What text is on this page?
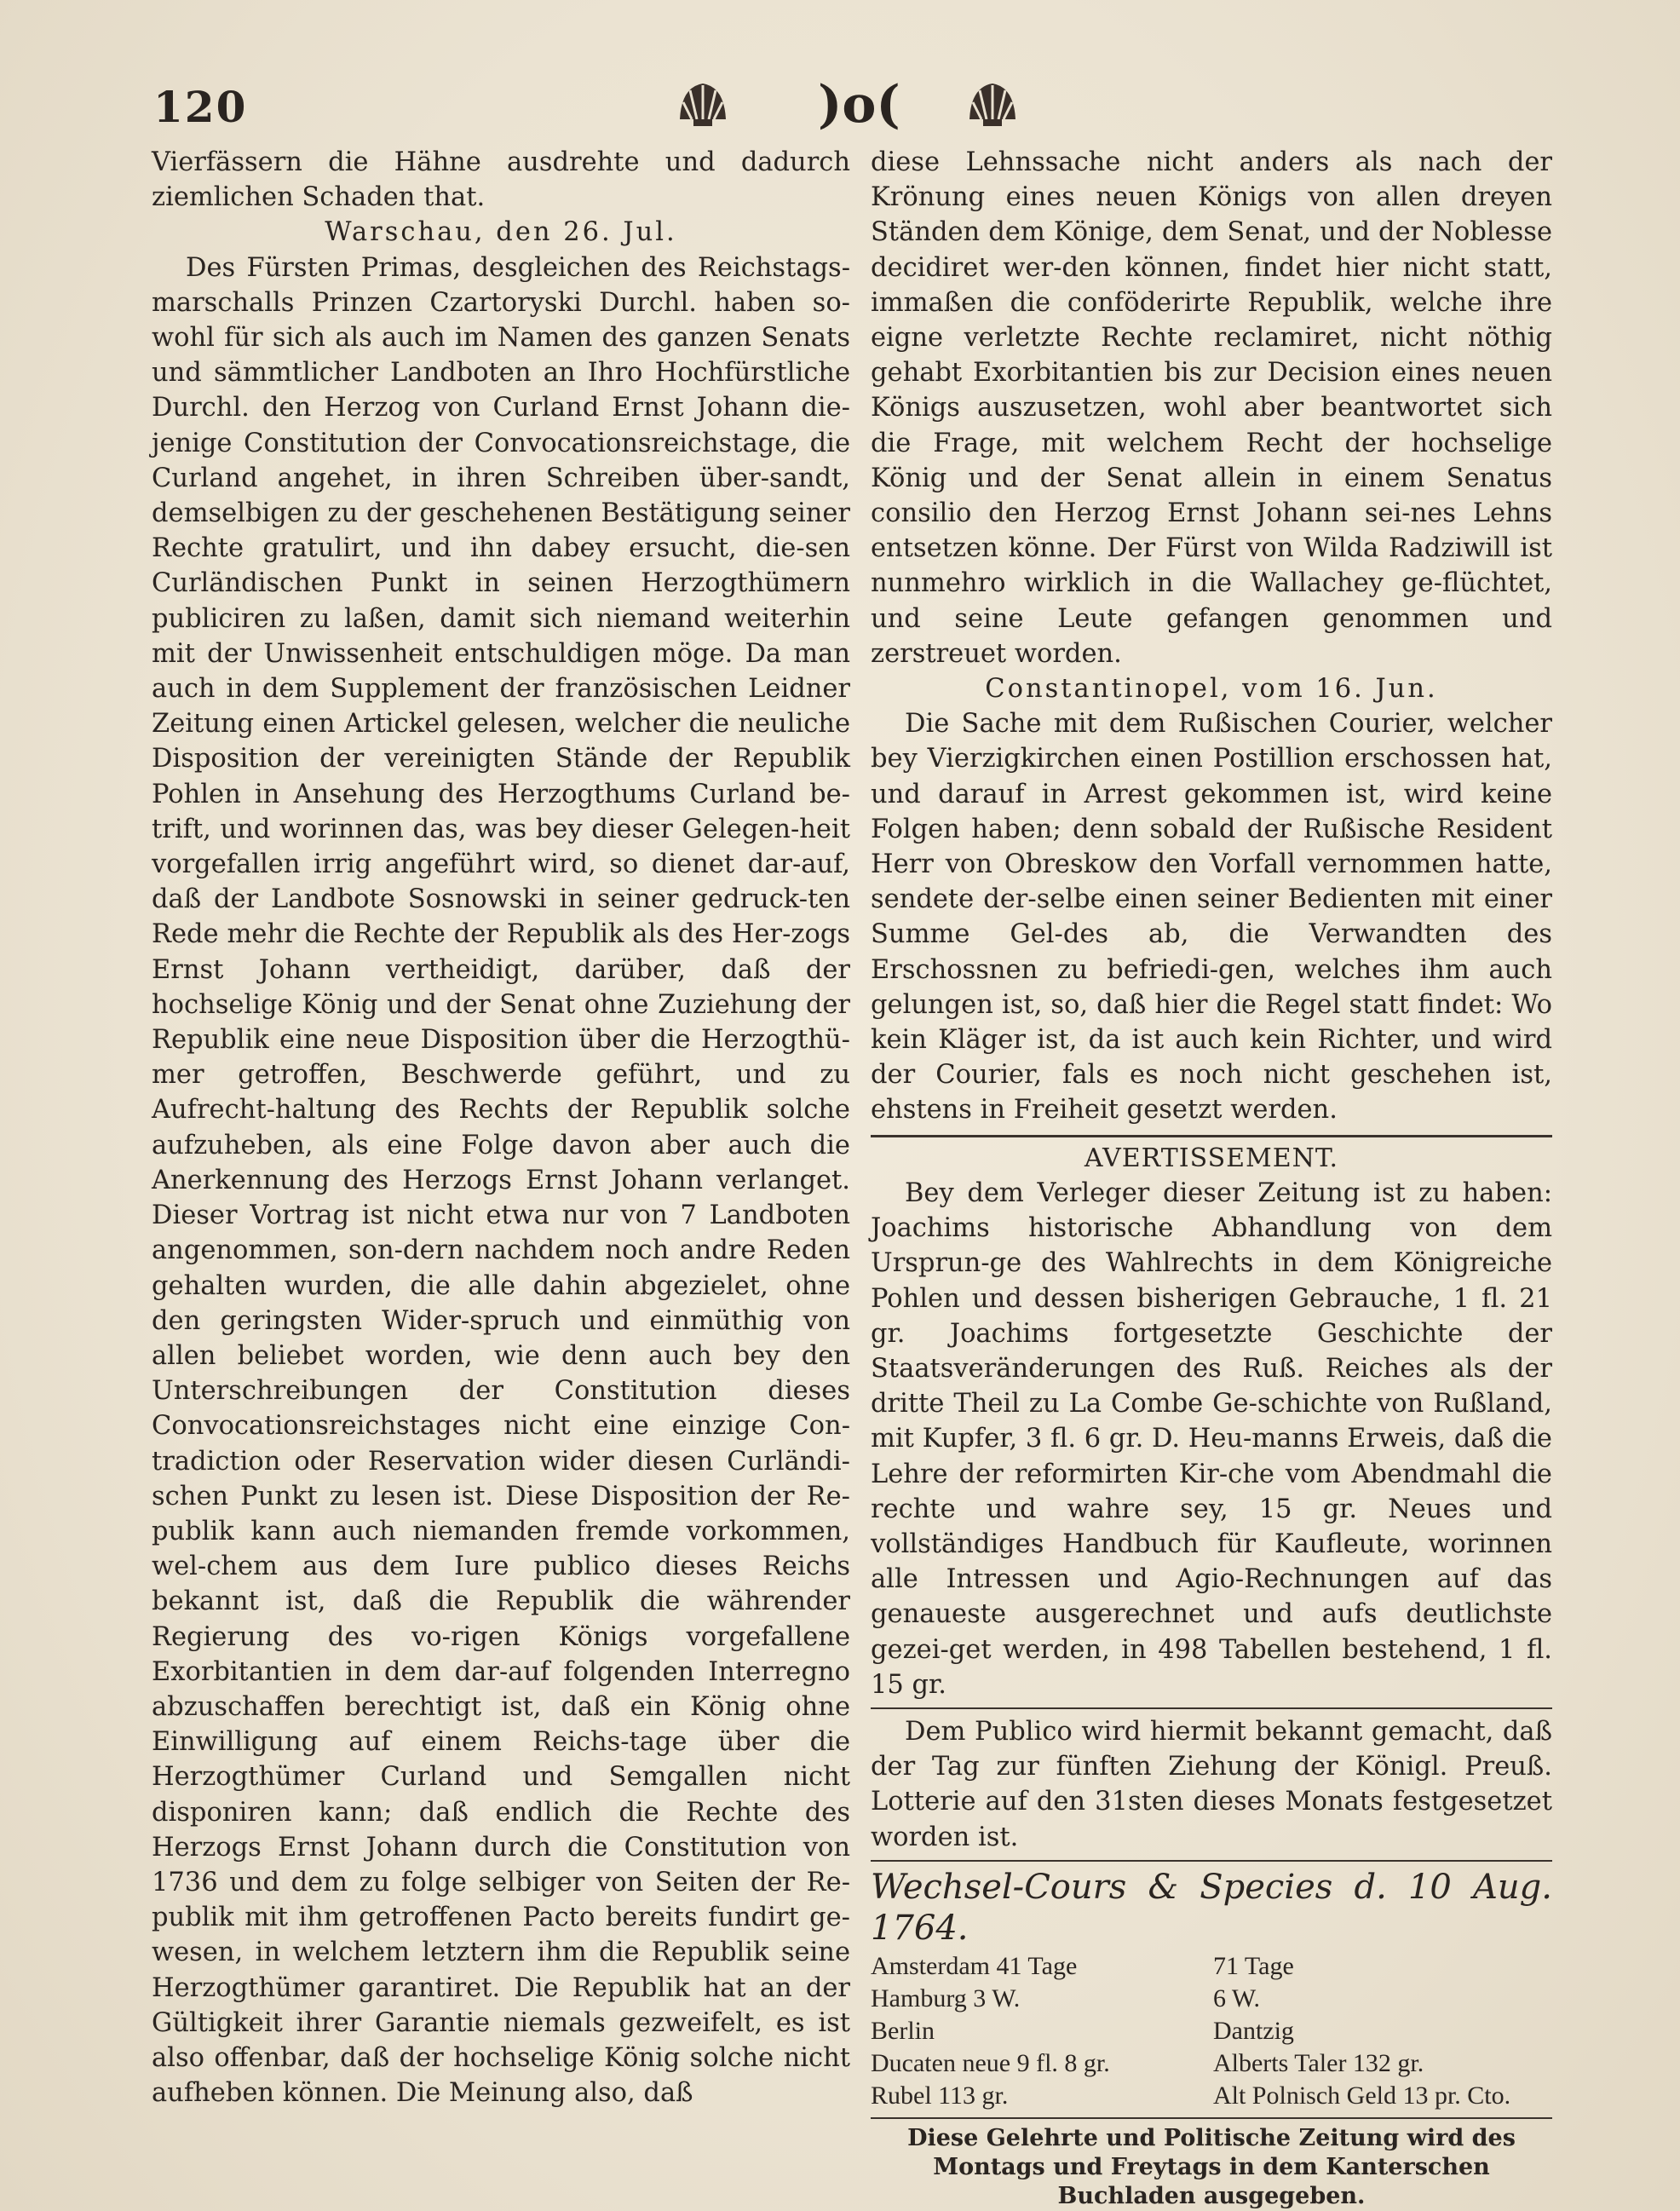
120	)o(

Vierfässern die Hähne ausdrehte und dadurch ziemlichen Schaden that.

Warschau, den 26. Jul.

Des Fürsten Primas, desgleichen des Reichstags-marschalls Prinzen Czartoryski Durchl. haben so-wohl für sich als auch im Namen des ganzen Senats und sämmtlicher Landboten an Ihro Hochfürstliche Durchl. den Herzog von Curland Ernst Johann die-jenige Constitution der Convocationsreichstage, die Curland angehet, in ihren Schreiben über-sandt, demselbigen zu der geschehenen Bestätigung seiner Rechte gratulirt, und ihn dabey ersucht, die-sen Curländischen Punkt in seinen Herzogthümern publiciren zu laßen, damit sich niemand weiterhin mit der Unwissenheit entschuldigen möge. Da man auch in dem Supplement der französischen Leidner Zeitung einen Artickel gelesen, welcher die neuliche Disposition der vereinigten Stände der Republik Pohlen in Ansehung des Herzogthums Curland be-trift, und worinnen das, was bey dieser Gelegen-heit vorgefallen irrig angeführt wird, so dienet dar-auf, daß der Landbote Sosnowski in seiner gedruck-ten Rede mehr die Rechte der Republik als des Her-zogs Ernst Johann vertheidigt, darüber, daß der hochselige König und der Senat ohne Zuziehung der Republik eine neue Disposition über die Herzogthü-mer getroffen, Beschwerde geführt, und zu Aufrecht-haltung des Rechts der Republik solche aufzuheben, als eine Folge davon aber auch die Anerkennung des Herzogs Ernst Johann verlanget. Dieser Vortrag ist nicht etwa nur von 7 Landboten angenommen, son-dern nachdem noch andre Reden gehalten wurden, die alle dahin abgezielet, ohne den geringsten Wider-spruch und einmüthig von allen beliebet worden, wie denn auch bey den Unterschreibungen der Constitution dieses Convocationsreichstages nicht eine einzige Con-tradiction oder Reservation wider diesen Curländi-schen Punkt zu lesen ist. Diese Disposition der Re-publik kann auch niemanden fremde vorkommen, wel-chem aus dem Iure publico dieses Reichs bekannt ist, daß die Republik die währender Regierung des vo-rigen Königs vorgefallene Exorbitantien in dem dar-auf folgenden Interregno abzuschaffen berechtigt ist, daß ein König ohne Einwilligung auf einem Reichs-tage über die Herzogthümer Curland und Semgallen nicht disponiren kann; daß endlich die Rechte des Herzogs Ernst Johann durch die Constitution von 1736 und dem zu folge selbiger von Seiten der Re-publik mit ihm getroffenen Pacto bereits fundirt ge-wesen, in welchem letztern ihm die Republik seine Herzogthümer garantiret. Die Republik hat an der Gültigkeit ihrer Garantie niemals gezweifelt, es ist also offenbar, daß der hochselige König solche nicht aufheben können. Die Meinung also, daß

diese Lehnssache nicht anders als nach der Krönung eines neuen Königs von allen dreyen Ständen dem Könige, dem Senat, und der Noblesse decidiret wer-den können, findet hier nicht statt, immaßen die conföderirte Republik, welche ihre eigne verletzte Rechte reclamiret, nicht nöthig gehabt Exorbitantien bis zur Decision eines neuen Königs auszusetzen, wohl aber beantwortet sich die Frage, mit welchem Recht der hochselige König und der Senat allein in einem Senatus consilio den Herzog Ernst Johann sei-nes Lehns entsetzen könne. Der Fürst von Wilda Radziwill ist nunmehro wirklich in die Wallachey ge-flüchtet, und seine Leute gefangen genommen und zerstreuet worden.

Constantinopel, vom 16. Jun.

Die Sache mit dem Rußischen Courier, welcher bey Vierzigkirchen einen Postillion erschossen hat, und darauf in Arrest gekommen ist, wird keine Folgen haben; denn sobald der Rußische Resident Herr von Obreskow den Vorfall vernommen hatte, sendete der-selbe einen seiner Bedienten mit einer Summe Gel-des ab, die Verwandten des Erschossnen zu befriedi-gen, welches ihm auch gelungen ist, so, daß hier die Regel statt findet: Wo kein Kläger ist, da ist auch kein Richter, und wird der Courier, fals es noch nicht geschehen ist, ehstens in Freiheit gesetzt werden.

AVERTISSEMENT.

Bey dem Verleger dieser Zeitung ist zu haben: Joachims historische Abhandlung von dem Ursprun-ge des Wahlrechts in dem Königreiche Pohlen und dessen bisherigen Gebrauche, 1 fl. 21 gr. Joachims fortgesetzte Geschichte der Staatsveränderungen des Ruß. Reiches als der dritte Theil zu La Combe Ge-schichte von Rußland, mit Kupfer, 3 fl. 6 gr. D. Heu-manns Erweis, daß die Lehre der reformirten Kir-che vom Abendmahl die rechte und wahre sey, 15 gr. Neues und vollständiges Handbuch für Kaufleute, worinnen alle Intressen und Agio-Rechnungen auf das genaueste ausgerechnet und aufs deutlichste gezei-get werden, in 498 Tabellen bestehend, 1 fl. 15 gr.

Dem Publico wird hiermit bekannt gemacht, daß der Tag zur fünften Ziehung der Königl. Preuß. Lotterie auf den 31sten dieses Monats festgesetzet worden ist.

Wechsel-Cours & Species d. 10 Aug. 1764.

Amsterdam 41 Tage	71 Tage
Hamburg 3 W.	6 W.
Berlin	Dantzig
Ducaten neue 9 fl. 8 gr.	Alberts Taler 132 gr.
Rubel 113 gr.	Alt Polnisch Geld 13 pr. Cto.

Diese Gelehrte und Politische Zeitung wird des Montags und Freytags in dem Kanterschen Buchladen ausgegeben.
